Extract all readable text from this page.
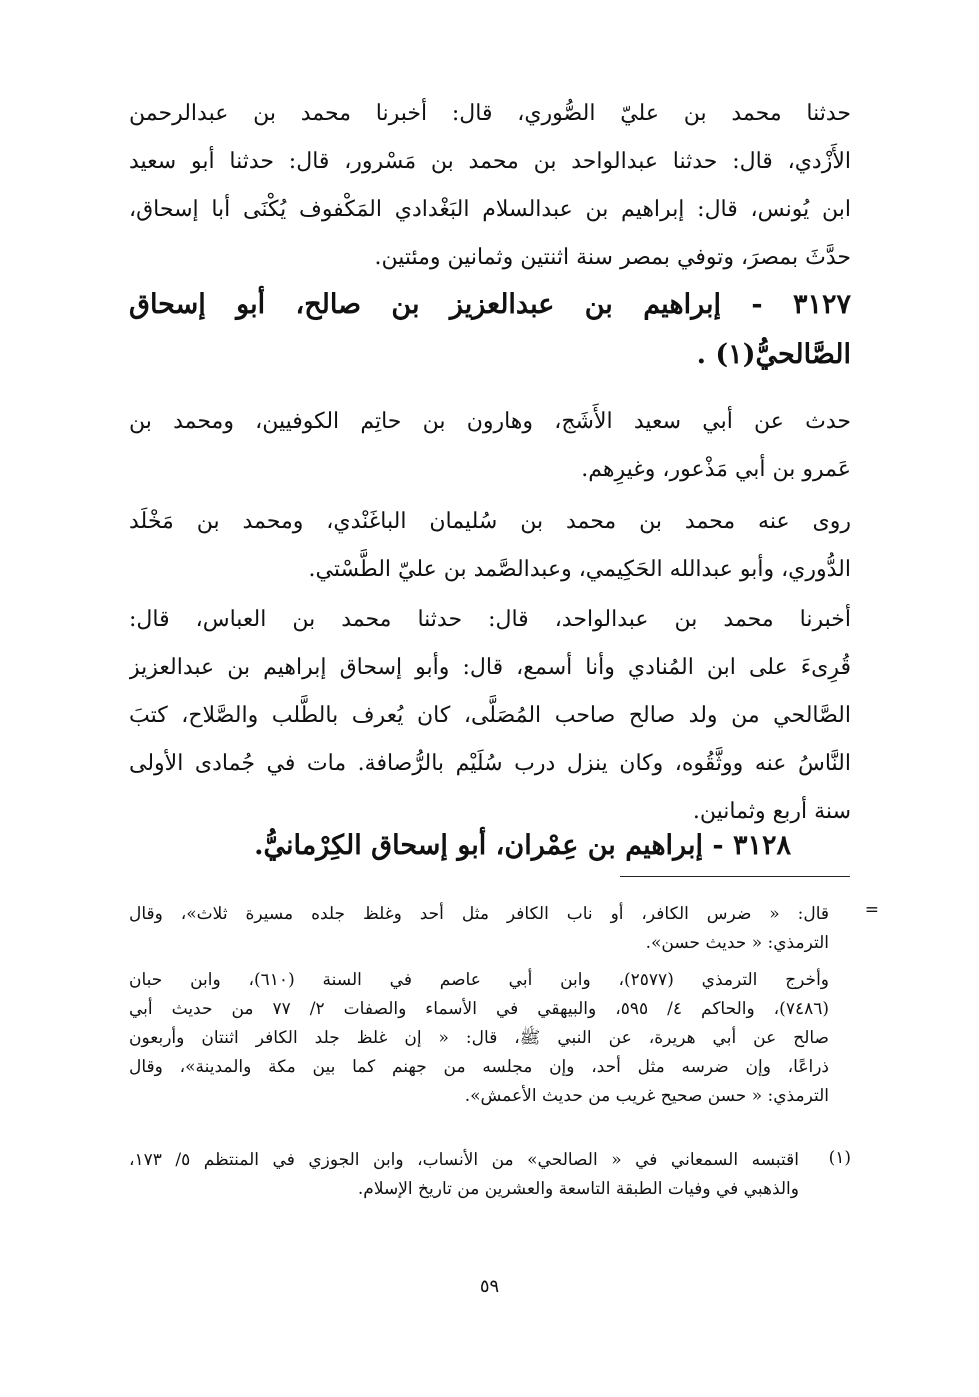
حدثنا محمد بن عليّ الصُّوري، قال: أخبرنا محمد بن عبدالرحمن
الأَزْدي، قال: حدثنا عبدالواحد بن محمد بن مَسْرور، قال: حدثنا أبو سعيد
ابن يُونس، قال: إبراهيم بن عبدالسلام البَغْدادي المَكْفوف يُكْنَى أبا إسحاق،
حدَّثَ بمصرَ، وتوفي بمصر سنة اثنتين وثمانين ومئتين.
٣١٢٧ - إبراهيم بن عبدالعزيز بن صالح، أبو إسحاق
الصَّالحيُّ(١) .
حدث عن أبي سعيد الأَشَج، وهارون بن حاتِم الكوفيين، ومحمد بن
عَمرو بن أبي مَذْعور، وغيرِهم.
روى عنه محمد بن محمد بن سُليمان الباغَنْدي، ومحمد بن مَخْلَد
الدُّوري، وأبو عبدالله الحَكِيمي، وعبدالصَّمد بن عليّ الطَّسْتي.
أخبرنا محمد بن عبدالواحد، قال: حدثنا محمد بن العباس، قال:
قُرِىءَ على ابن المُنادي وأنا أسمع، قال: وأبو إسحاق إبراهيم بن عبدالعزيز
الصَّالحي من ولد صالح صاحب المُصَلَّى، كان يُعرف بالطَّلب والصَّلاح، كتبَ
النَّاسُ عنه ووثَّقُوه، وكان ينزل درب سُلَيْم بالرُّصافة. مات في جُمادى الأولى
سنة أربع وثمانين.
٣١٢٨ - إبراهيم بن عِمْران، أبو إسحاق الكِرْمانيُّ.
=
قال: « ضرس الكافر، أو ناب الكافر مثل أحد وغلظ جلده مسيرة ثلاث»، وقال
الترمذي: « حديث حسن».
وأخرج الترمذي (٢٥٧٧)، وابن أبي عاصم في السنة (٦١٠)، وابن حبان
(٧٤٨٦)، والحاكم ٤/ ٥٩٥، والبيهقي في الأسماء والصفات ٢/ ٧٧ من حديث أبي
صالح عن أبي هريرة، عن النبي ﷺ، قال: « إن غلظ جلد الكافر اثنتان وأربعون
ذراعًا، وإن ضرسه مثل أحد، وإن مجلسه من جهنم كما بين مكة والمدينة»، وقال
الترمذي: « حسن صحيح غريب من حديث الأعمش».
(١)
اقتبسه السمعاني في « الصالحي» من الأنساب، وابن الجوزي في المنتظم ٥/ ١٧٣،
والذهبي في وفيات الطبقة التاسعة والعشرين من تاريخ الإسلام.
٥٩
